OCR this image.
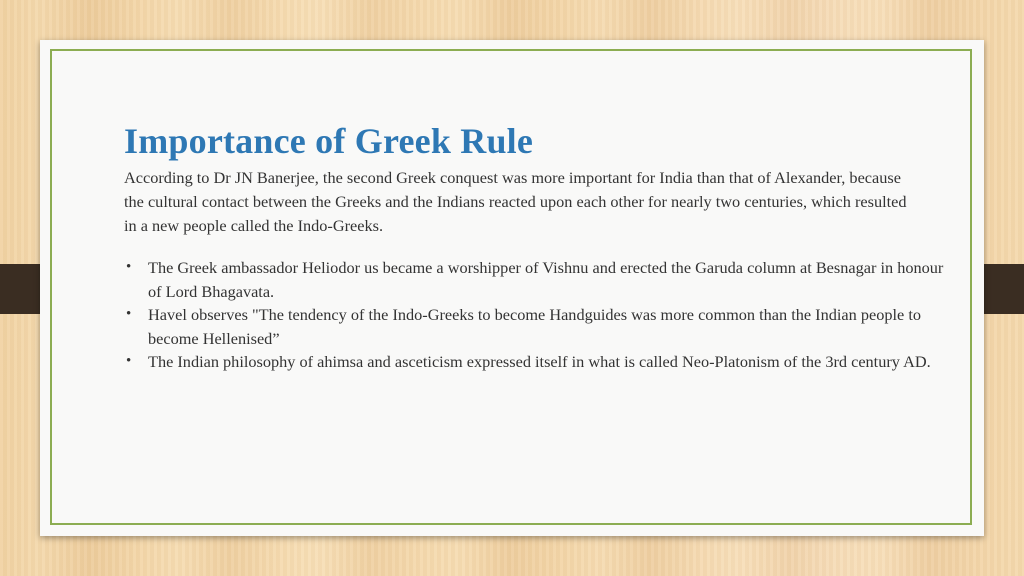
Importance of Greek Rule

According to Dr JN Banerjee, the second Greek conquest was more important for India than that of Alexander, because the cultural contact between the Greeks and the Indians reacted upon each other for nearly two centuries, which resulted in a new people called the Indo-Greeks.

• The Greek ambassador Heliodor us became a worshipper of Vishnu and erected the Garuda column at Besnagar in honour of Lord Bhagavata.
• Havel observes "The tendency of the Indo-Greeks to become Handguides was more common than the Indian people to become Hellenised”
• The Indian philosophy of ahimsa and asceticism expressed itself in what is called Neo-Platonism of the 3rd century AD.
